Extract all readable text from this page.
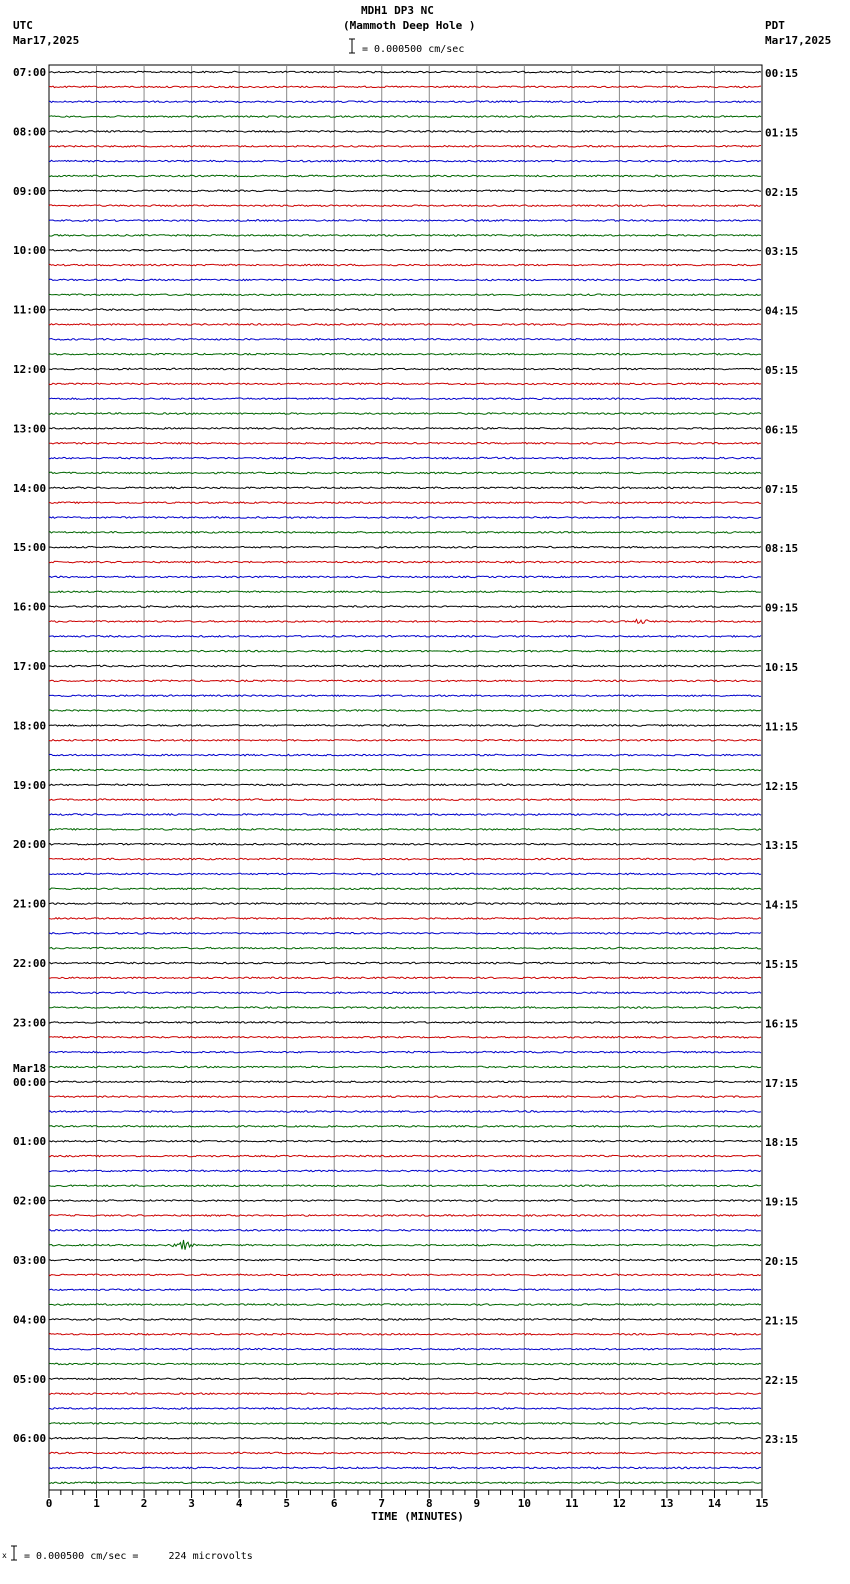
MDH1 DP3 NC
(Mammoth Deep Hole )
= 0.000500 cm/sec
UTC
Mar17,2025
PDT
Mar17,2025
07:00
08:00
09:00
10:00
11:00
12:00
13:00
14:00
15:00
16:00
17:00
18:00
19:00
20:00
21:00
22:00
23:00
00:00
Mar18
01:00
02:00
03:00
04:00
05:00
06:00
00:15
01:15
02:15
03:15
04:15
05:15
06:15
07:15
08:15
09:15
10:15
11:15
12:15
13:15
14:15
15:15
16:15
17:15
18:15
19:15
20:15
21:15
22:15
23:15
0	1	2	3	4	5	6	7	8	9	10	11	12	13	14	15
TIME (MINUTES)
x = 0.000500 cm/sec =     224 microvolts
